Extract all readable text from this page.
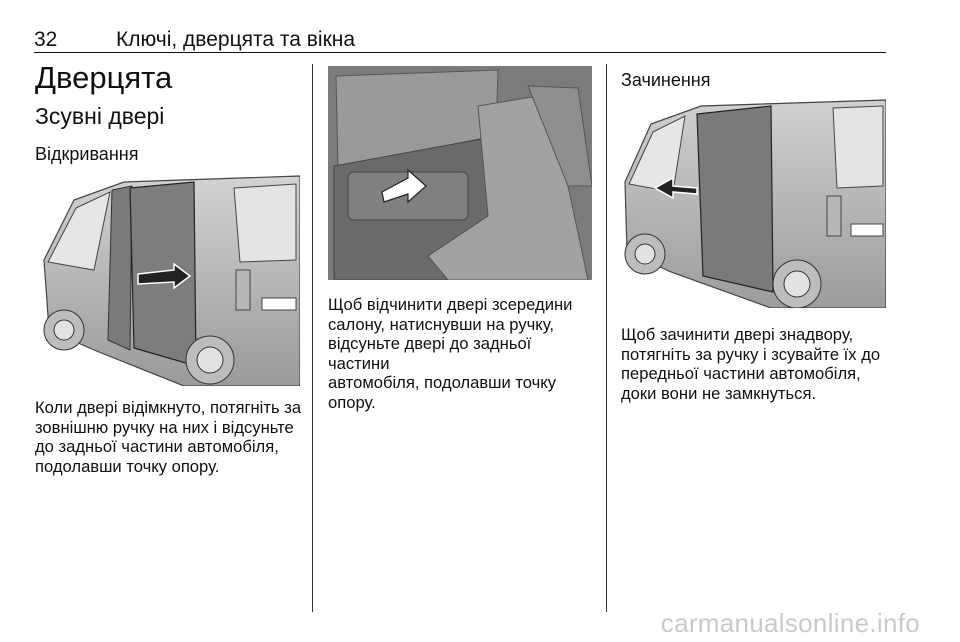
32	Ключі, дверцята та вікна
Дверцята
Зсувні двері
Відкривання
Коли двері відімкнуто, потягніть за
зовнішню ручку на них і відсуньте
до задньої частини автомобіля,
подолавши точку опору.
Щоб відчинити двері зсередини
салону, натиснувши на ручку,
відсуньте двері до задньої частини
автомобіля, подолавши точку
опору.
Зачинення
Щоб зачинити двері знадвору,
потягніть за ручку і зсувайте їх до
передньої частини автомобіля,
доки вони не замкнуться.
carmanualsonline.info
